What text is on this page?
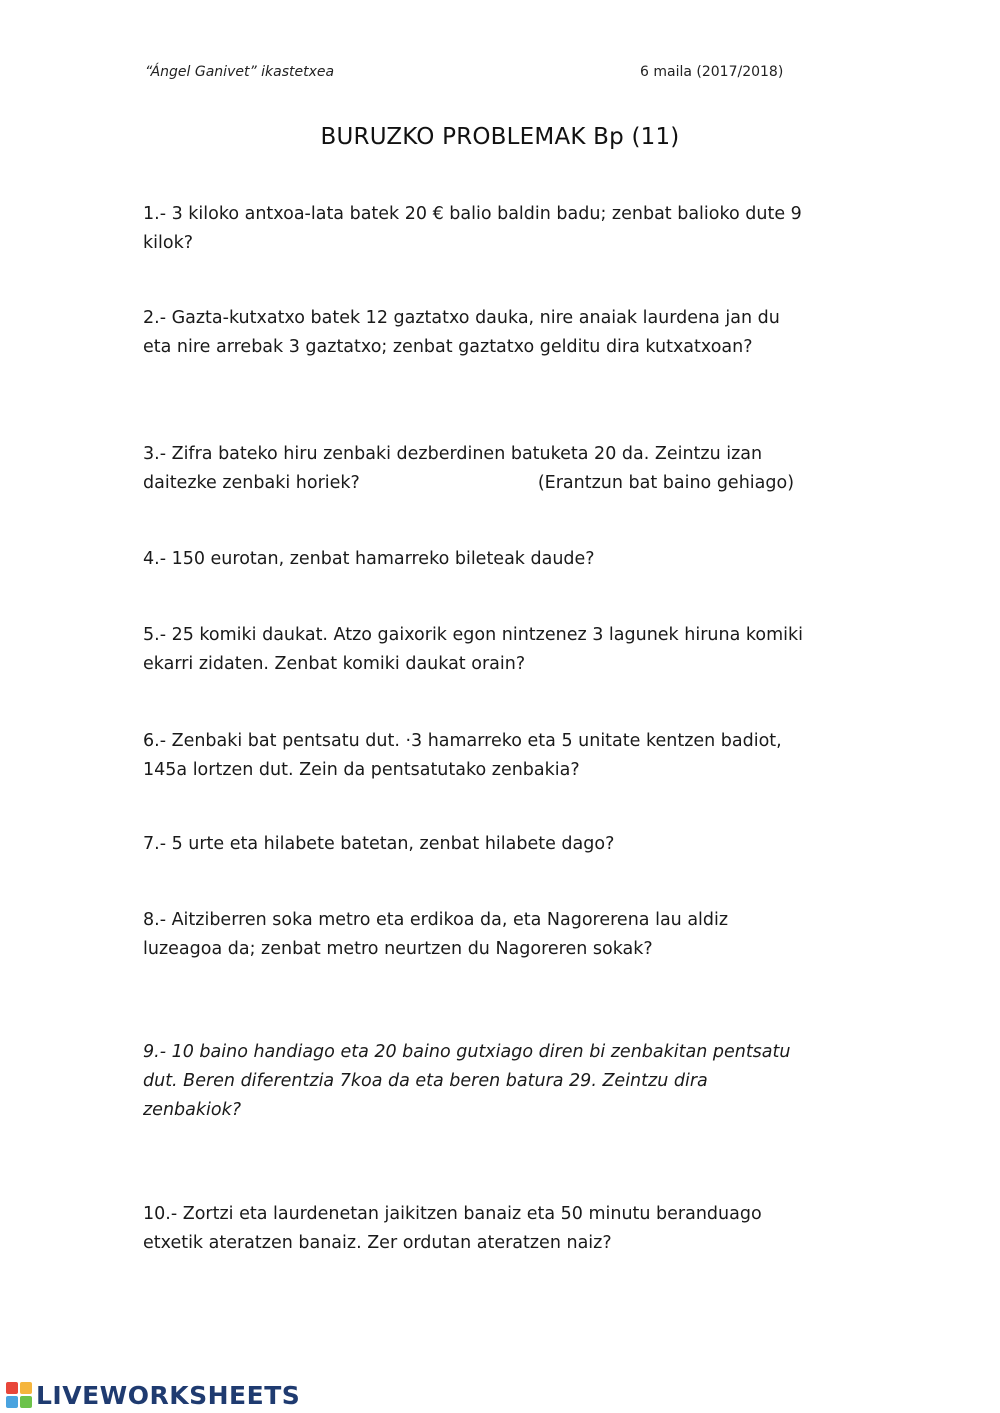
“Ángel Ganivet” ikastetxea	6 maila (2017/2018)
BURUZKO PROBLEMAK Bp (11)
1.- 3 kiloko antxoa-lata batek 20 € balio baldin badu; zenbat balioko dute 9
kilok?
2.- Gazta-kutxatxo batek 12 gaztatxo dauka, nire anaiak laurdena jan du
eta nire arrebak 3 gaztatxo; zenbat gaztatxo gelditu dira kutxatxoan?
3.- Zifra bateko hiru zenbaki dezberdinen batuketa 20 da. Zeintzu izan
daitezke zenbaki horiek?	(Erantzun bat baino gehiago)
4.- 150 eurotan, zenbat hamarreko bileteak daude?
5.- 25 komiki daukat. Atzo gaixorik egon nintzenez 3 lagunek hiruna komiki
ekarri zidaten. Zenbat komiki daukat orain?
6.- Zenbaki bat pentsatu dut. ·3 hamarreko eta 5 unitate kentzen badiot,
145a lortzen dut. Zein da pentsatutako zenbakia?
7.- 5 urte eta hilabete batetan, zenbat hilabete dago?
8.- Aitziberren soka metro eta erdikoa da, eta Nagorerena lau aldiz
luzeagoa da; zenbat metro neurtzen du Nagoreren sokak?
9.- 10 baino handiago eta 20 baino gutxiago diren bi zenbakitan pentsatu
dut. Beren diferentzia 7koa da eta beren batura 29. Zeintzu dira
zenbakiok?
10.- Zortzi eta laurdenetan jaikitzen banaiz eta 50 minutu beranduago
etxetik ateratzen banaiz. Zer ordutan ateratzen naiz?
LIVEWORKSHEETS
